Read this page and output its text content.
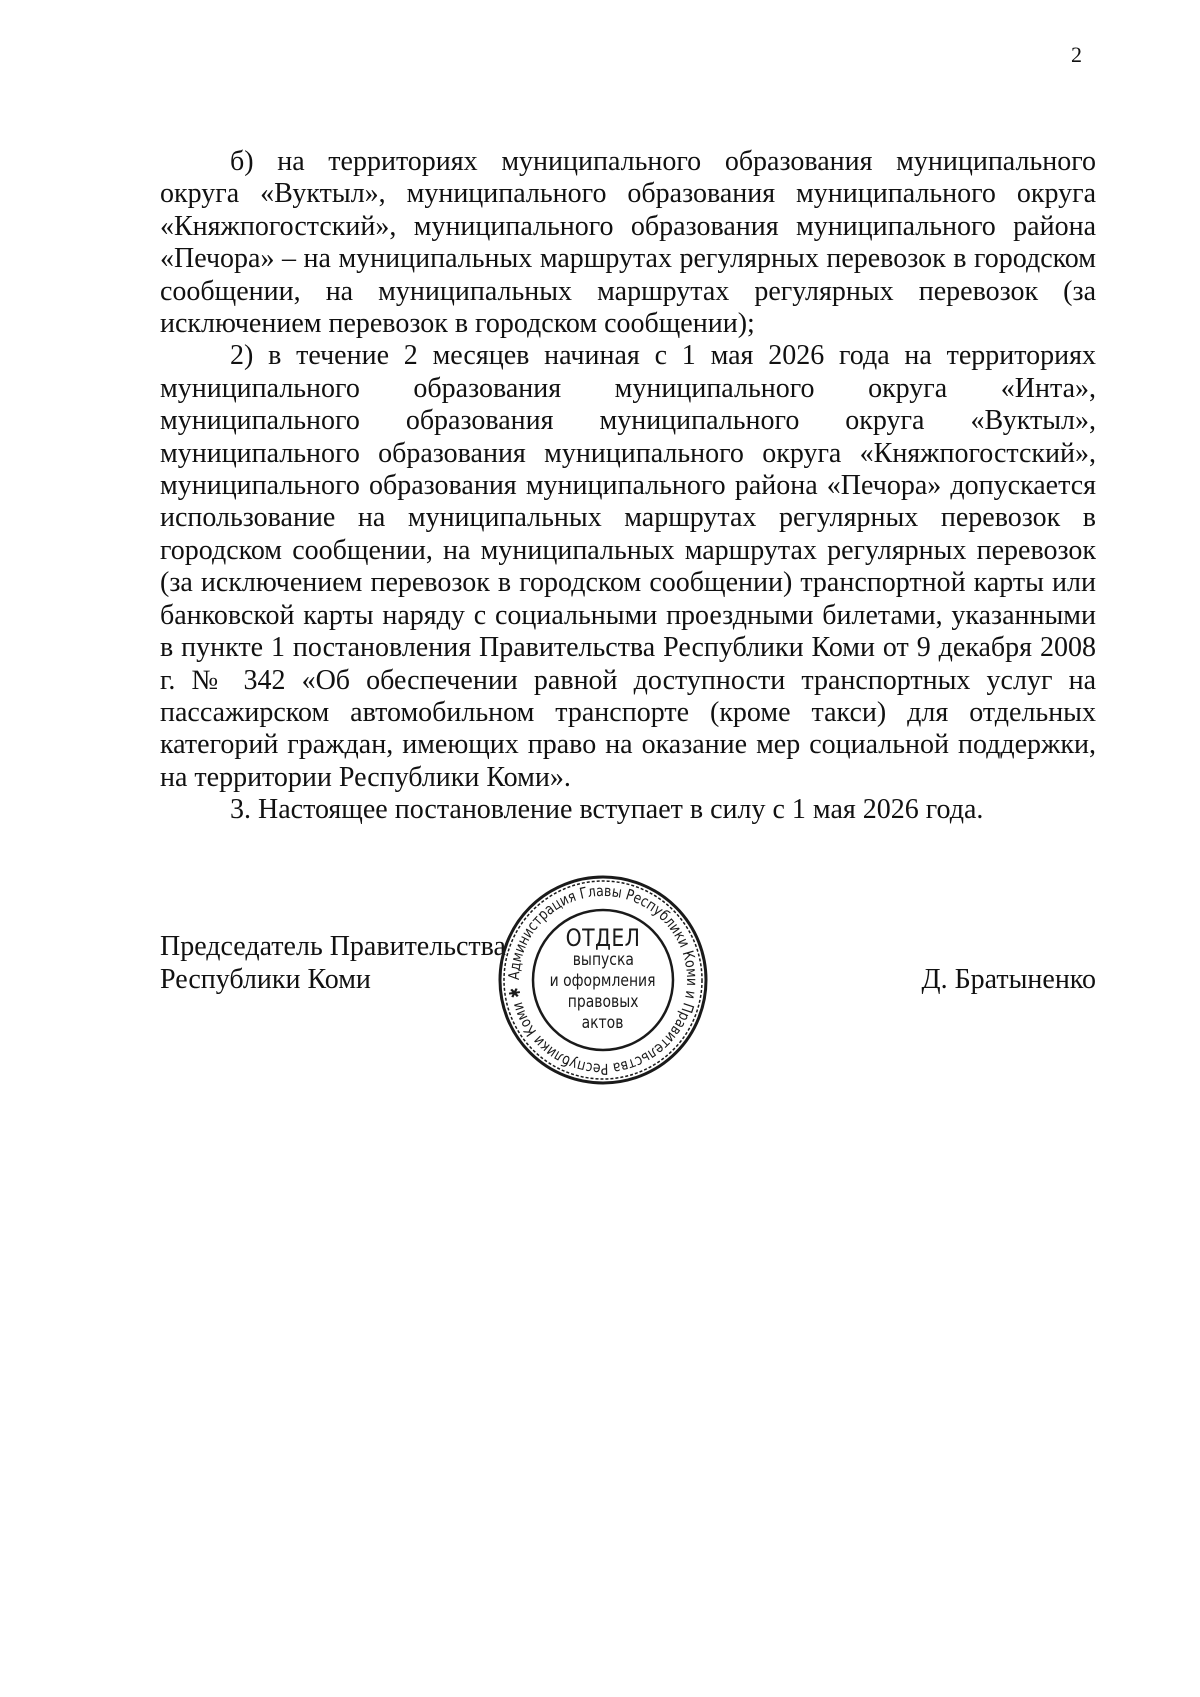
2

б) на территориях муниципального образования муниципального округа «Вуктыл», муниципального образования муниципального округа «Княжпогостский», муниципального образования муниципального района «Печора» – на муниципальных маршрутах регулярных перевозок в городском сообщении, на муниципальных маршрутах регулярных перевозок (за исключением перевозок в городском сообщении);

2) в течение 2 месяцев начиная с 1 мая 2026 года на территориях муниципального образования муниципального округа «Инта», муниципального образования муниципального округа «Вуктыл», муниципального образования муниципального округа «Княжпогостский», муниципального образования муниципального района «Печора» допускается использование на муниципальных маршрутах регулярных перевозок в городском сообщении, на муниципальных маршрутах регулярных перевозок (за исключением перевозок в городском сообщении) транспортной карты или банковской карты наряду с социальными проездными билетами, указанными в пункте 1 постановления Правительства Республики Коми от 9 декабря 2008 г. № 342 «Об обеспечении равной доступности транспортных услуг на пассажирском автомобильном транспорте (кроме такси) для отдельных категорий граждан, имеющих право на оказание мер социальной поддержки, на территории Республики Коми».

3. Настоящее постановление вступает в силу с 1 мая 2026 года.

Председатель Правительства
Республики Коми	Д. Братыненко
Администрация Главы Республики Коми и Правительства Республики Коми ✱
ОТДЕЛ
выпуска
и оформления
правовых
актов
